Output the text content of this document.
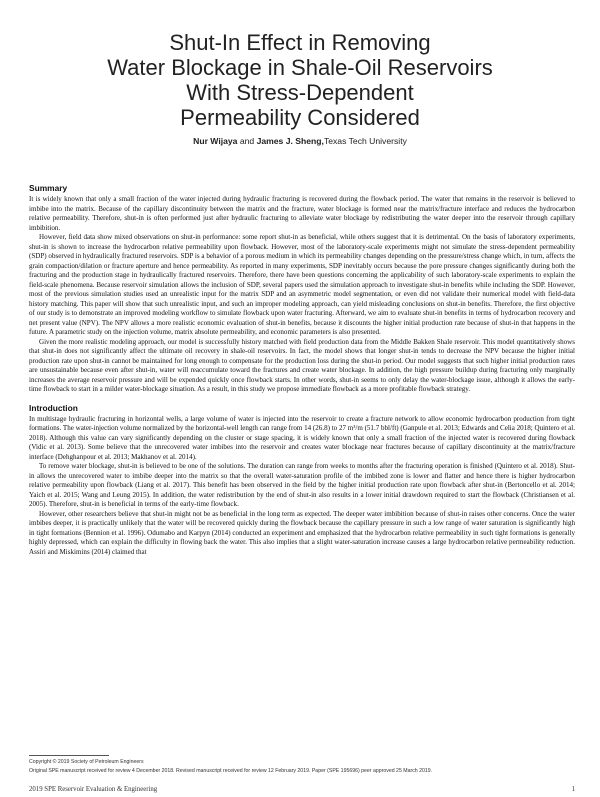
Shut-In Effect in Removing
Water Blockage in Shale-Oil Reservoirs
With Stress-Dependent
Permeability Considered
Nur Wijaya and James J. Sheng,Texas Tech University
Summary

It is widely known that only a small fraction of the water injected during hydraulic fracturing is recovered during the flowback period. The water that remains in the reservoir is believed to imbibe into the matrix. Because of the capillary discontinuity between the matrix and the fracture, water blockage is formed near the matrix/fracture interface and reduces the hydrocarbon relative permeability. Therefore, shut-in is often performed just after hydraulic fracturing to alleviate water blockage by redistributing the water deeper into the reservoir through capillary imbibition.

However, field data show mixed observations on shut-in performance: some report shut-in as beneficial, while others suggest that it is detrimental. On the basis of laboratory experiments, shut-in is shown to increase the hydrocarbon relative permeability upon flowback. However, most of the laboratory-scale experiments might not simulate the stress-dependent permeability (SDP) observed in hydraulically fractured reservoirs. SDP is a behavior of a porous medium in which its permeability changes depending on the pressure/stress change which, in turn, affects the grain compaction/dilation or fracture aperture and hence permeability. As reported in many experiments, SDP inevitably occurs because the pore pressure changes significantly during both the fracturing and the production stage in hydraulically fractured reservoirs. Therefore, there have been questions concerning the applicability of such laboratory-scale experiments to explain the field-scale phenomena. Because reservoir simulation allows the inclusion of SDP, several papers used the simulation approach to investigate shut-in benefits while including the SDP. However, most of the previous simulation studies used an unrealistic input for the matrix SDP and an asymmetric model segmentation, or even did not validate their numerical model with field-data history matching. This paper will show that such unrealistic input, and such an improper modeling approach, can yield misleading conclusions on shut-in benefits. Therefore, the first objective of our study is to demonstrate an improved modeling workflow to simulate flowback upon water fracturing. Afterward, we aim to evaluate shut-in benefits in terms of hydrocarbon recovery and net present value (NPV). The NPV allows a more realistic economic evaluation of shut-in benefits, because it discounts the higher initial production rate because of shut-in that happens in the future. A parametric study on the injection volume, matrix absolute permeability, and economic parameters is also presented.

Given the more realistic modeling approach, our model is successfully history matched with field production data from the Middle Bakken Shale reservoir. This model quantitatively shows that shut-in does not significantly affect the ultimate oil recovery in shale-oil reservoirs. In fact, the model shows that longer shut-in tends to decrease the NPV because the higher initial production rate upon shut-in cannot be maintained for long enough to compensate for the production loss during the shut-in period. Our model suggests that such higher initial production rates are unsustainable because even after shut-in, water will reaccumulate toward the fractures and create water blockage. In addition, the high pressure buildup during fracturing only marginally increases the average reservoir pressure and will be expended quickly once flowback starts. In other words, shut-in seems to only delay the water-blockage issue, although it allows the early-time flowback to start in a milder water-blockage situation. As a result, in this study we propose immediate flowback as a more profitable flowback strategy.

Introduction

In multistage hydraulic fracturing in horizontal wells, a large volume of water is injected into the reservoir to create a fracture network to allow economic hydrocarbon production from tight formations. The water-injection volume normalized by the horizontal-well length can range from 14 (26.8) to 27 m³/m (51.7 bbl/ft) (Ganpule et al. 2013; Edwards and Celia 2018; Quintero et al. 2018). Although this value can vary significantly depending on the cluster or stage spacing, it is widely known that only a small fraction of the injected water is recovered during flowback (Vidic et al. 2013). Some believe that the unrecovered water imbibes into the reservoir and creates water blockage near fractures because of capillary discontinuity at the matrix/fracture interface (Dehghanpour et al. 2013; Makhanov et al. 2014).

To remove water blockage, shut-in is believed to be one of the solutions. The duration can range from weeks to months after the fracturing operation is finished (Quintero et al. 2018). Shut-in allows the unrecovered water to imbibe deeper into the matrix so that the overall water-saturation profile of the imbibed zone is lower and flatter and hence there is higher hydrocarbon relative permeability upon flowback (Liang et al. 2017). This benefit has been observed in the field by the higher initial production rate upon flowback after shut-in (Bertoncello et al. 2014; Yaich et al. 2015; Wang and Leung 2015). In addition, the water redistribution by the end of shut-in also results in a lower initial drawdown required to start the flowback (Christiansen et al. 2005). Therefore, shut-in is beneficial in terms of the early-time flowback.

However, other researchers believe that shut-in might not be as beneficial in the long term as expected. The deeper water imbibition because of shut-in raises other concerns. Once the water imbibes deeper, it is practically unlikely that the water will be recovered quickly during the flowback because the capillary pressure in such a low range of water saturation is significantly high in tight formations (Bennion et al. 1996). Odumabo and Karpyn (2014) conducted an experiment and emphasized that the hydrocarbon relative permeability in such tight formations is generally highly depressed, which can explain the difficulty in flowing back the water. This also implies that a slight water-saturation increase causes a large hydrocarbon relative permeability reduction. Assiri and Miskimins (2014) claimed that

Copyright © 2019 Society of Petroleum Engineers
Original SPE manuscript received for review 4 December 2018. Revised manuscript received for review 12 February 2019. Paper (SPE 195696) peer approved 25 March 2019.
2019 SPE Reservoir Evaluation & Engineering	1
